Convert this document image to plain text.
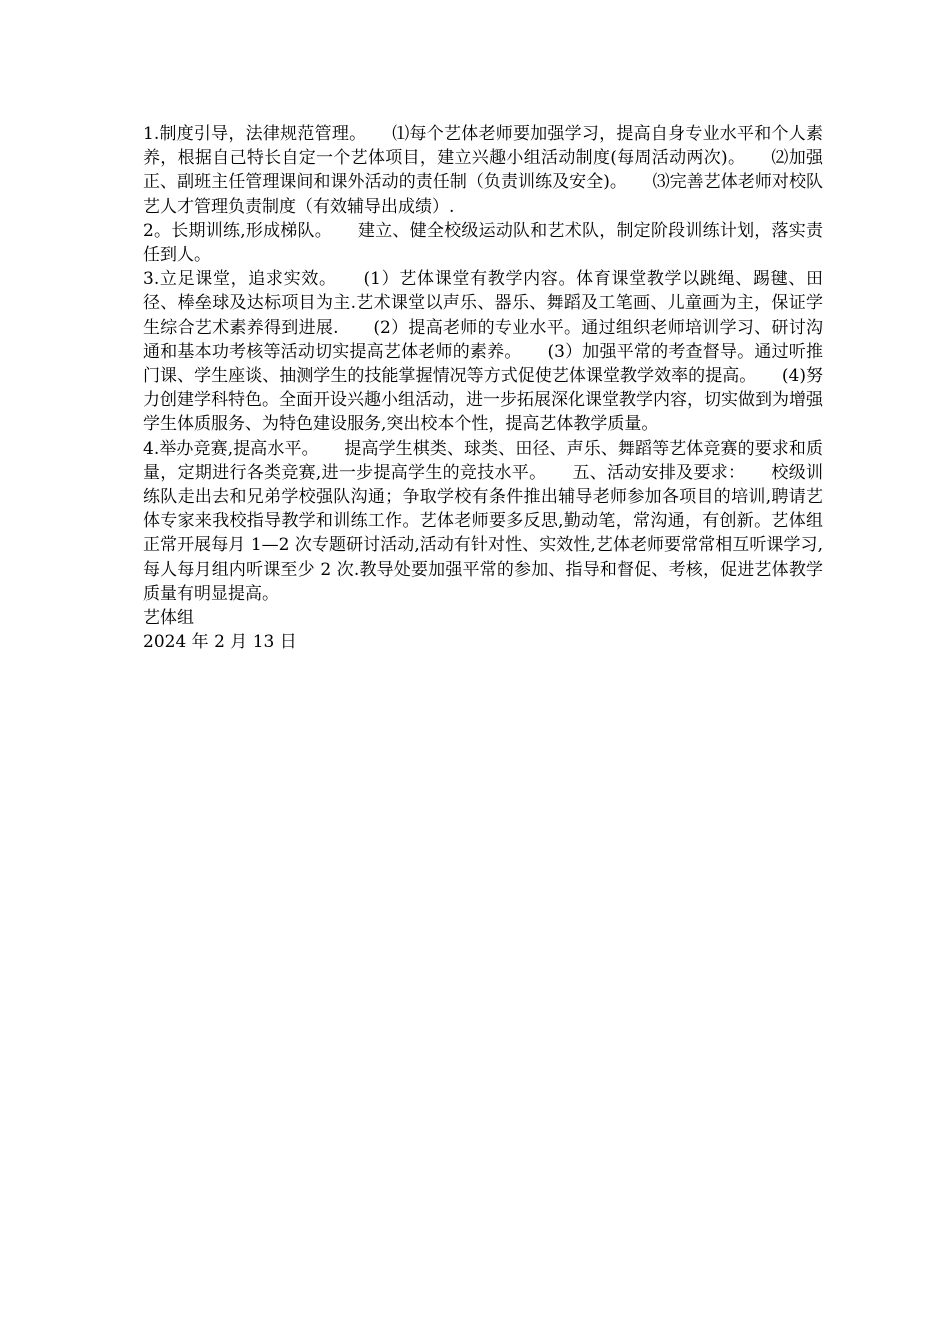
1.制度引导，法律规范管理。　　⑴每个艺体老师要加强学习，提高自身专业水平和个人素养，根据自己特长自定一个艺体项目，建立兴趣小组活动制度(每周活动两次)。　　⑵加强正、副班主任管理课间和课外活动的责任制（负责训练及安全)。　　⑶完善艺体老师对校队艺人才管理负责制度（有效辅导出成绩）.

2。长期训练,形成梯队。　　建立、健全校级运动队和艺术队，制定阶段训练计划，落实责任到人。

3.立足课堂，追求实效。　　(1）艺体课堂有教学内容。体育课堂教学以跳绳、踢毽、田径、棒垒球及达标项目为主.艺术课堂以声乐、器乐、舞蹈及工笔画、儿童画为主，保证学生综合艺术素养得到进展.　　(2）提高老师的专业水平。通过组织老师培训学习、研讨沟通和基本功考核等活动切实提高艺体老师的素养。　　(3）加强平常的考查督导。通过听推门课、学生座谈、抽测学生的技能掌握情况等方式促使艺体课堂教学效率的提高。　　(4)努力创建学科特色。全面开设兴趣小组活动，进一步拓展深化课堂教学内容，切实做到为增强学生体质服务、为特色建设服务,突出校本个性，提高艺体教学质量。

4.举办竞赛,提高水平。　　提高学生棋类、球类、田径、声乐、舞蹈等艺体竞赛的要求和质量，定期进行各类竞赛,进一步提高学生的竞技水平。　　五、活动安排及要求：　　校级训练队走出去和兄弟学校强队沟通；争取学校有条件推出辅导老师参加各项目的培训,聘请艺体专家来我校指导教学和训练工作。艺体老师要多反思,勤动笔，常沟通，有创新。艺体组正常开展每月 1—2 次专题研讨活动,活动有针对性、实效性,艺体老师要常常相互听课学习,每人每月组内听课至少 2 次.教导处要加强平常的参加、指导和督促、考核，促进艺体教学质量有明显提高。

艺体组

2024 年 2 月 13 日
